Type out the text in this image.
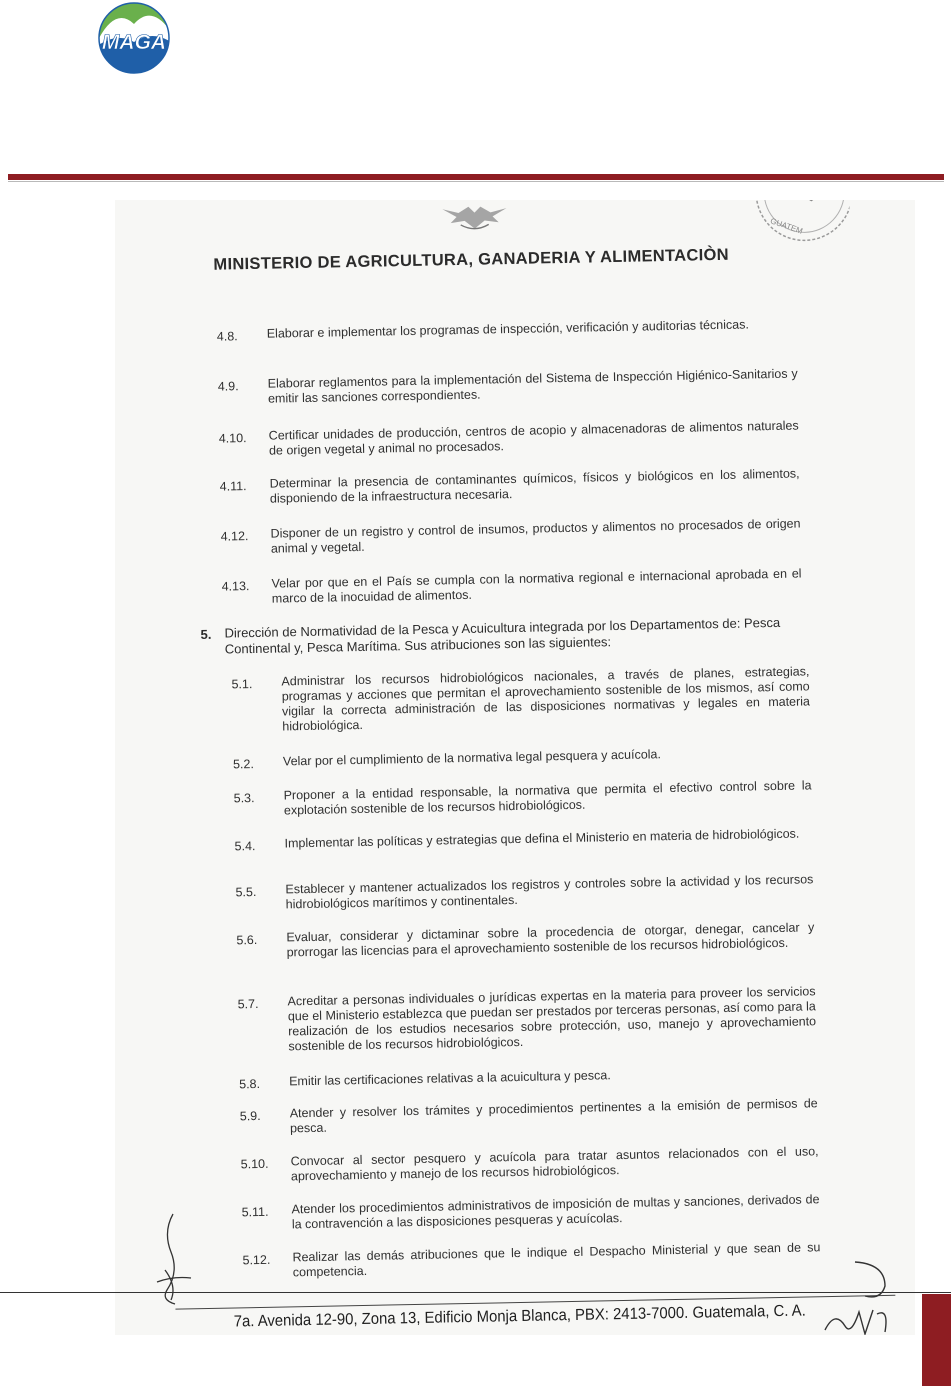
MAGA
GUATEM
MINISTERIO DE AGRICULTURA, GANADERIA Y ALIMENTACIÒN
4.8.	Elaborar e implementar los programas de inspección, verificación y auditorias técnicas.
4.9.	Elaborar reglamentos para la implementación del Sistema de Inspección Higiénico-Sanitarios y emitir las sanciones correspondientes.
4.10.	Certificar unidades de producción, centros de acopio y almacenadoras de alimentos naturales de origen vegetal y animal no procesados.
4.11.	Determinar la presencia de contaminantes químicos, físicos y biológicos en los alimentos, disponiendo de la infraestructura necesaria.
4.12.	Disponer de un registro y control de insumos, productos y alimentos no procesados de origen animal y vegetal.
4.13.	Velar por que en el País se cumpla con la normativa regional e internacional aprobada en el marco de la inocuidad de alimentos.
5. Dirección de Normatividad de la Pesca y Acuicultura integrada por los Departamentos de: Pesca Continental y, Pesca Marítima. Sus atribuciones son las siguientes:
5.1.	Administrar los recursos hidrobiológicos nacionales, a través de planes, estrategias, programas y acciones que permitan el aprovechamiento sostenible de los mismos, así como vigilar la correcta administración de las disposiciones normativas y legales en materia hidrobiológica.
5.2.	Velar por el cumplimiento de la normativa legal pesquera y acuícola.
5.3.	Proponer a la entidad responsable, la normativa que permita el efectivo control sobre la explotación sostenible de los recursos hidrobiológicos.
5.4.	Implementar las políticas y estrategias que defina el Ministerio en materia de hidrobiológicos.
5.5.	Establecer y mantener actualizados los registros y controles sobre la actividad y los recursos hidrobiológicos marítimos y continentales.
5.6.	Evaluar, considerar y dictaminar sobre la procedencia de otorgar, denegar, cancelar y prorrogar las licencias para el aprovechamiento sostenible de los recursos hidrobiológicos.
5.7.	Acreditar a personas individuales o jurídicas expertas en la materia para proveer los servicios que el Ministerio establezca que puedan ser prestados por terceras personas, así como para la realización de los estudios necesarios sobre protección, uso, manejo y aprovechamiento sostenible de los recursos hidrobiológicos.
5.8.	Emitir las certificaciones relativas a la acuicultura y pesca.
5.9.	Atender y resolver los trámites y procedimientos pertinentes a la emisión de permisos de pesca.
5.10.	Convocar al sector pesquero y acuícola para tratar asuntos relacionados con el uso, aprovechamiento y manejo de los recursos hidrobiológicos.
5.11.	Atender los procedimientos administrativos de imposición de multas y sanciones, derivados de la contravención a las disposiciones pesqueras y acuícolas.
5.12.	Realizar las demás atribuciones que le indique el Despacho Ministerial y que sean de su competencia.
7a. Avenida 12-90, Zona 13, Edificio Monja Blanca, PBX: 2413-7000. Guatemala, C. A.
